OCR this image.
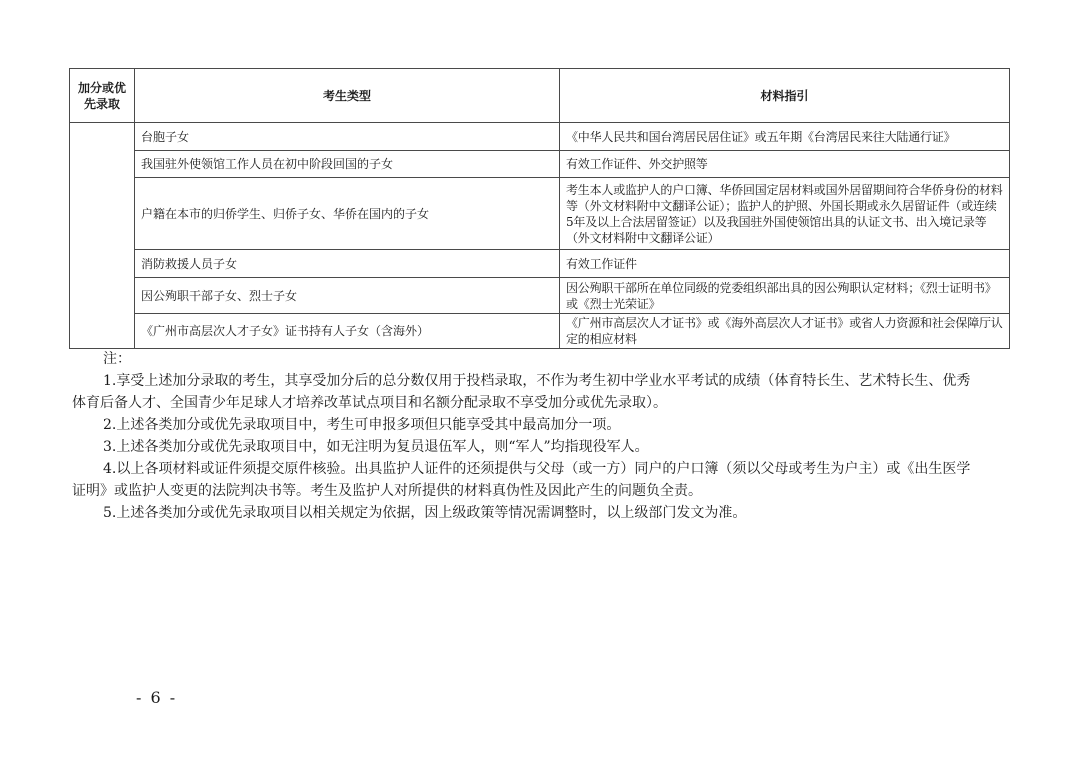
加分或优先录取	考生类型	材料指引
	台胞子女	《中华人民共和国台湾居民居住证》或五年期《台湾居民来往大陆通行证》
	我国驻外使领馆工作人员在初中阶段回国的子女	有效工作证件、外交护照等
	户籍在本市的归侨学生、归侨子女、华侨在国内的子女	考生本人或监护人的户口簿、华侨回国定居材料或国外居留期间符合华侨身份的材料等（外文材料附中文翻译公证）；监护人的护照、外国长期或永久居留证件（或连续5年及以上合法居留签证）以及我国驻外国使领馆出具的认证文书、出入境记录等（外文材料附中文翻译公证）
	消防救援人员子女	有效工作证件
	因公殉职干部子女、烈士子女	因公殉职干部所在单位同级的党委组织部出具的因公殉职认定材料；《烈士证明书》或《烈士光荣证》
	《广州市高层次人才子女》证书持有人子女（含海外）	《广州市高层次人才证书》或《海外高层次人才证书》或省人力资源和社会保障厅认定的相应材料

注：

1.享受上述加分录取的考生，其享受加分后的总分数仅用于投档录取，不作为考生初中学业水平考试的成绩（体育特长生、艺术特长生、优秀体育后备人才、全国青少年足球人才培养改革试点项目和名额分配录取不享受加分或优先录取）。

2.上述各类加分或优先录取项目中，考生可申报多项但只能享受其中最高加分一项。

3.上述各类加分或优先录取项目中，如无注明为复员退伍军人，则“军人”均指现役军人。

4.以上各项材料或证件须提交原件核验。出具监护人证件的还须提供与父母（或一方）同户的户口簿（须以父母或考生为户主）或《出生医学证明》或监护人变更的法院判决书等。考生及监护人对所提供的材料真伪性及因此产生的问题负全责。

5.上述各类加分或优先录取项目以相关规定为依据，因上级政策等情况需调整时，以上级部门发文为准。

- 6 -
